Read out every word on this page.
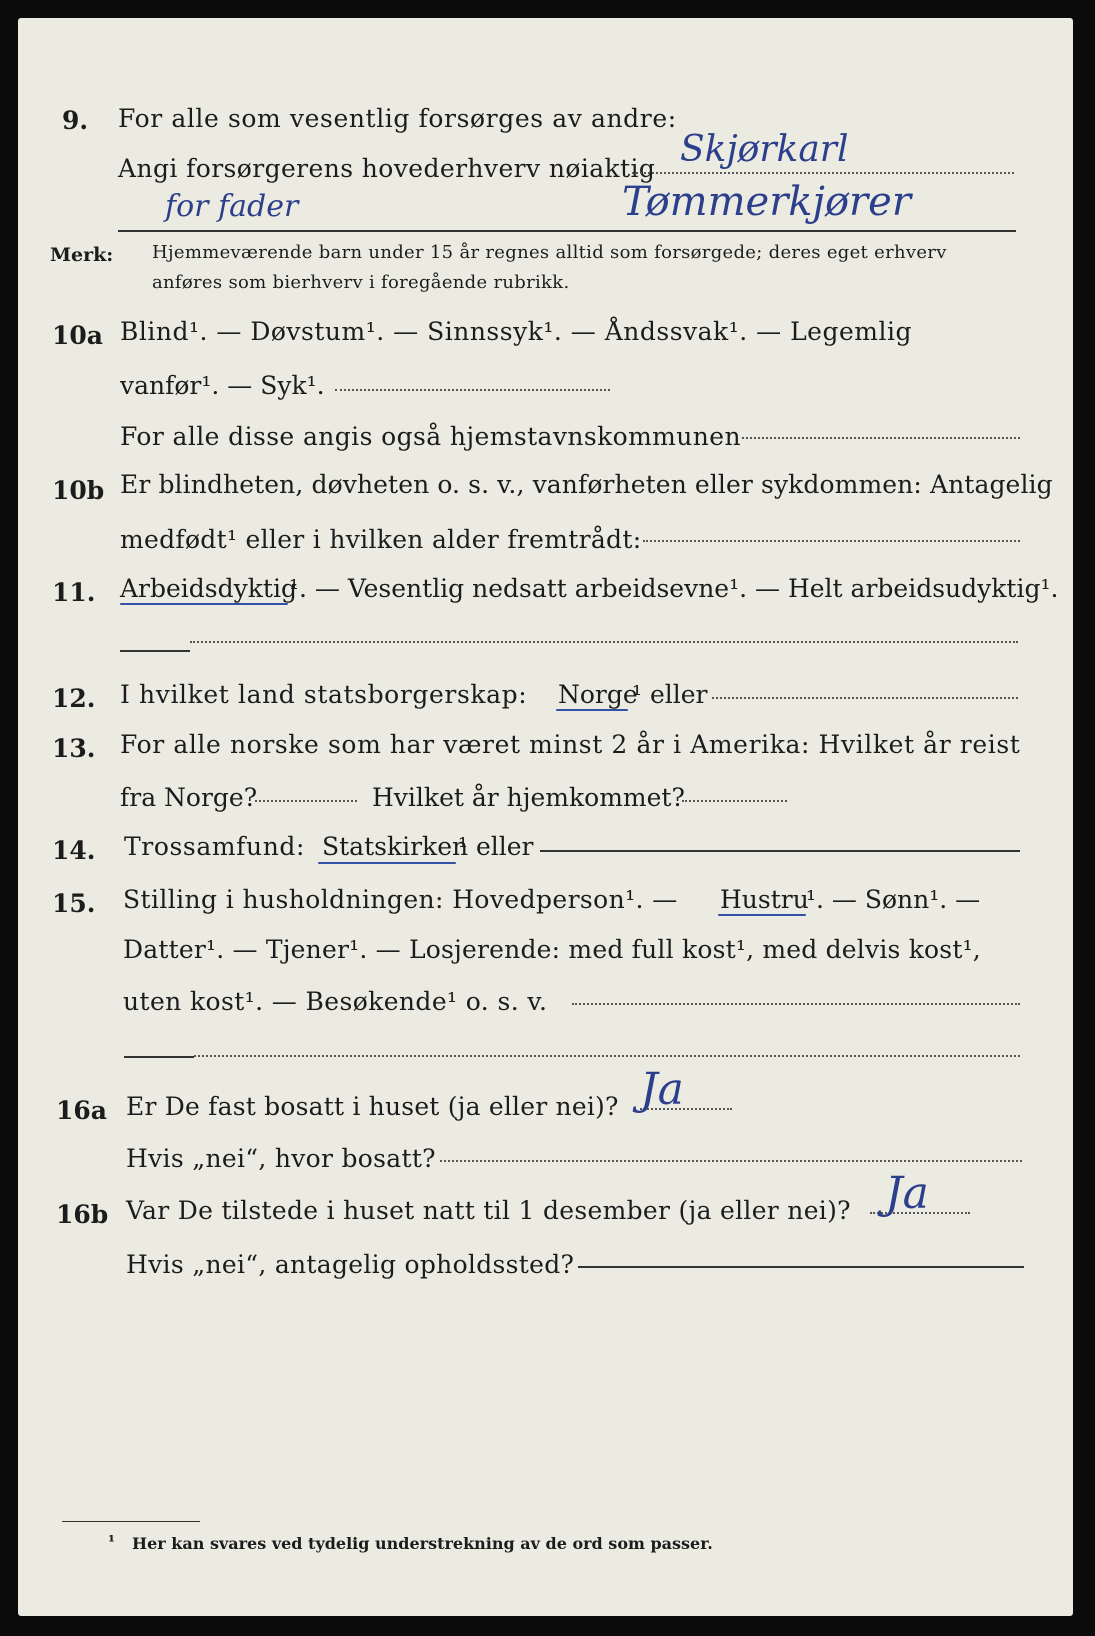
9. For alle som vesentlig forsørges av andre:
Angi forsørgerens hovederhverv nøiaktig Skjørkarl
for fader	Tømmerkjører
Merk: Hjemmeværende barn under 15 år regnes alltid som forsørgede; deres eget erhverv
anføres som bierhverv i foregående rubrikk.
10a Blind¹. — Døvstum¹. — Sinnssyk¹. — Åndssvak¹. — Legemlig
vanfør¹. — Syk¹.
For alle disse angis også hjemstavnskommunen
10b Er blindheten, døvheten o. s. v., vanførheten eller sykdommen: Antagelig
medfødt¹ eller i hvilken alder fremtrådt:
11. Arbeidsdyktig
¹. — Vesentlig nedsatt arbeidsevne¹. — Helt arbeidsudyktig¹.
12. I hvilket land statsborgerskap: Norge
¹ eller
13. For alle norske som har været minst 2 år i Amerika: Hvilket år reist
fra Norge?	Hvilket år hjemkommet?
14. Trossamfund: Statskirken
¹ eller
15. Stilling i husholdningen: Hovedperson¹. — Hustru
¹. — Sønn¹. —
Datter¹. — Tjener¹. — Losjerende: med full kost¹, med delvis kost¹,
uten kost¹. — Besøkende¹ o. s. v.
16a Er De fast bosatt i huset (ja eller nei)? Ja
Hvis „nei“, hvor bosatt?
16b Var De tilstede i huset natt til 1 desember (ja eller nei)? Ja
Hvis „nei“, antagelig opholdssted?
¹ Her kan svares ved tydelig understrekning av de ord som passer.
